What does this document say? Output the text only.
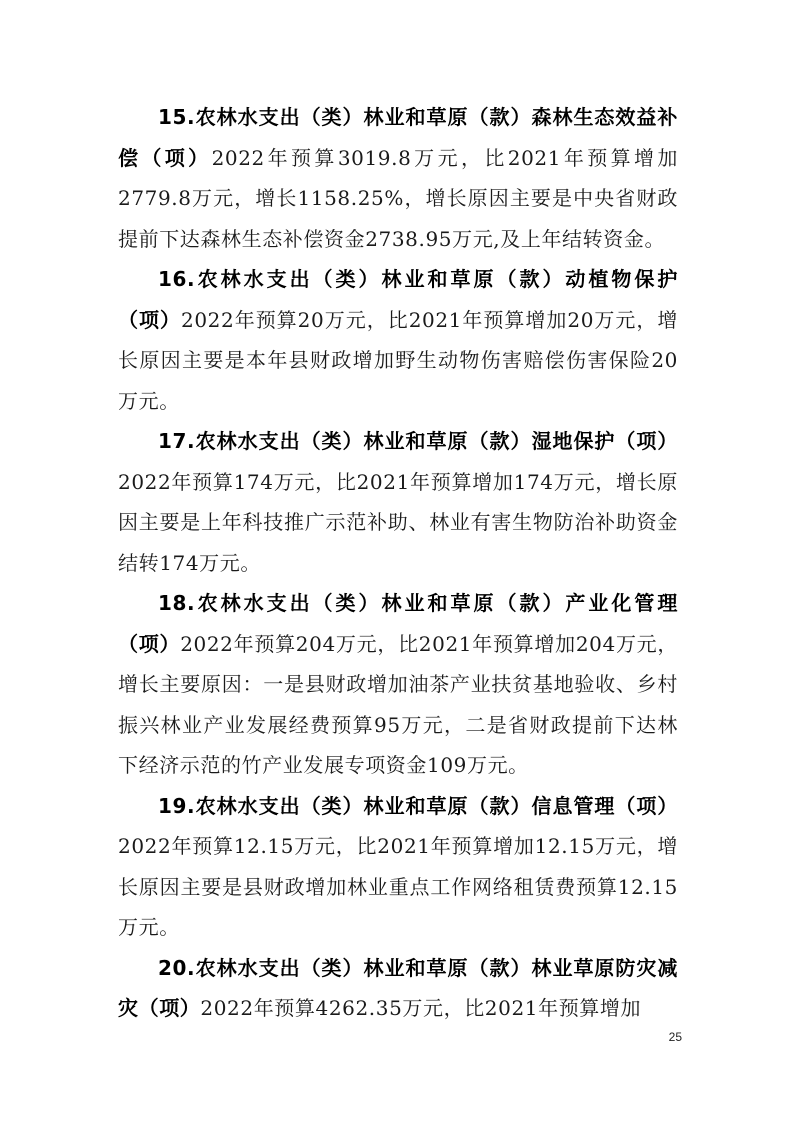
15.农林水支出（类）林业和草原（款）森林生态效益补偿（项）2022年预算3019.8万元，比2021年预算增加2779.8万元，增长1158.25%，增长原因主要是中央省财政提前下达森林生态补偿资金2738.95万元,及上年结转资金。

16.农林水支出（类）林业和草原（款）动植物保护（项）2022年预算20万元，比2021年预算增加20万元，增长原因主要是本年县财政增加野生动物伤害赔偿伤害保险20万元。

17.农林水支出（类）林业和草原（款）湿地保护（项）2022年预算174万元，比2021年预算增加174万元，增长原因主要是上年科技推广示范补助、林业有害生物防治补助资金结转174万元。

18.农林水支出（类）林业和草原（款）产业化管理（项）2022年预算204万元，比2021年预算增加204万元，增长主要原因：一是县财政增加油茶产业扶贫基地验收、乡村振兴林业产业发展经费预算95万元，二是省财政提前下达林下经济示范的竹产业发展专项资金109万元。

19.农林水支出（类）林业和草原（款）信息管理（项）2022年预算12.15万元，比2021年预算增加12.15万元，增长原因主要是县财政增加林业重点工作网络租赁费预算12.15万元。

20.农林水支出（类）林业和草原（款）林业草原防灾减灾（项）2022年预算4262.35万元，比2021年预算增加

25
